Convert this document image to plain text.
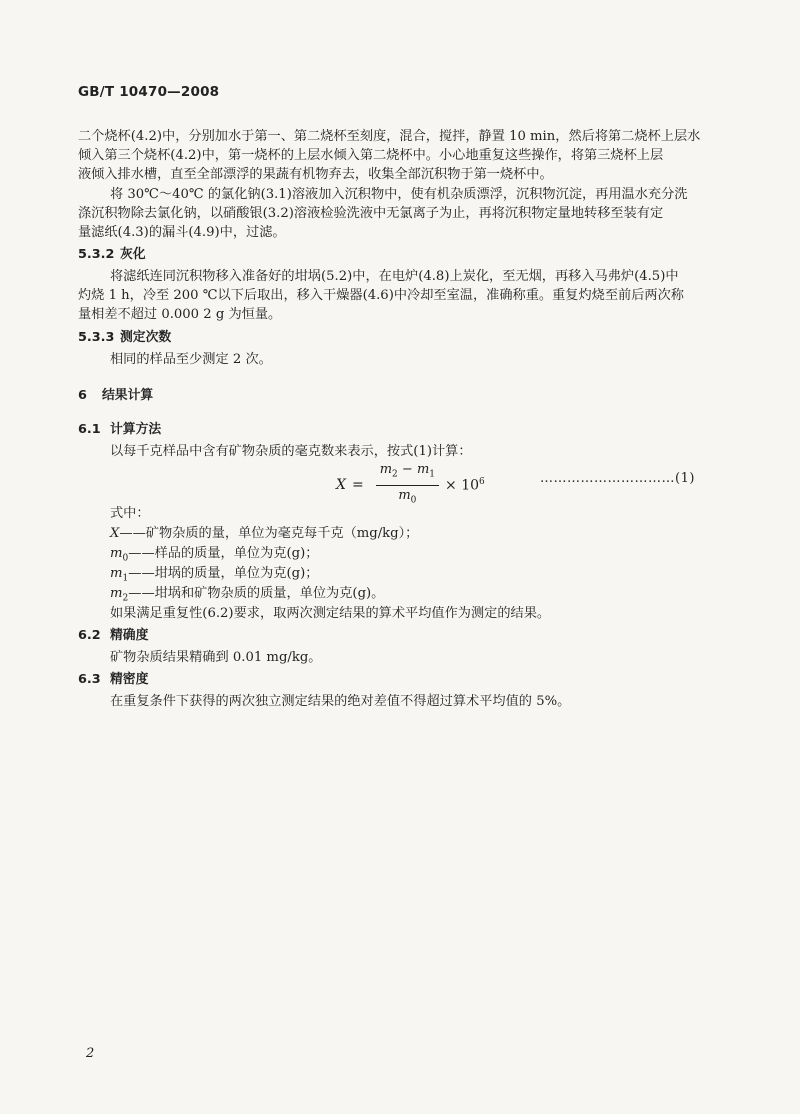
GB/T 10470—2008
二个烧杯(4.2)中，分别加水于第一、第二烧杯至刻度，混合，搅拌，静置 10 min，然后将第二烧杯上层水
倾入第三个烧杯(4.2)中，第一烧杯的上层水倾入第二烧杯中。小心地重复这些操作，将第三烧杯上层
液倾入排水槽，直至全部漂浮的果蔬有机物弃去，收集全部沉积物于第一烧杯中。
将 30℃～40℃ 的氯化钠(3.1)溶液加入沉积物中，使有机杂质漂浮，沉积物沉淀，再用温水充分洗
涤沉积物除去氯化钠，以硝酸银(3.2)溶液检验洗液中无氯离子为止，再将沉积物定量地转移至装有定
量滤纸(4.3)的漏斗(4.9)中，过滤。
5.3.2 灰化
将滤纸连同沉积物移入准备好的坩埚(5.2)中，在电炉(4.8)上炭化，至无烟，再移入马弗炉(4.5)中
灼烧 1 h，冷至 200 ℃以下后取出，移入干燥器(4.6)中冷却至室温，准确称重。重复灼烧至前后两次称
量相差不超过 0.000 2 g 为恒量。
5.3.3 测定次数
相同的样品至少测定 2 次。
6 结果计算
6.1 计算方法
以每千克样品中含有矿物杂质的毫克数来表示，按式(1)计算：
$X = \frac{m_2 - m_1}{m_0} \times 10^6$	…………………………(1)
式中：
X——矿物杂质的量，单位为毫克每千克（mg/kg）；
$m_0——$样品的质量，单位为克(g)；
$m_1——$坩埚的质量，单位为克(g)；
$m_2——$坩埚和矿物杂质的质量，单位为克(g)。
如果满足重复性(6.2)要求，取两次测定结果的算术平均值作为测定的结果。
6.2 精确度
矿物杂质结果精确到 0.01 mg/kg。
6.3 精密度
在重复条件下获得的两次独立测定结果的绝对差值不得超过算术平均值的 5%。
2
